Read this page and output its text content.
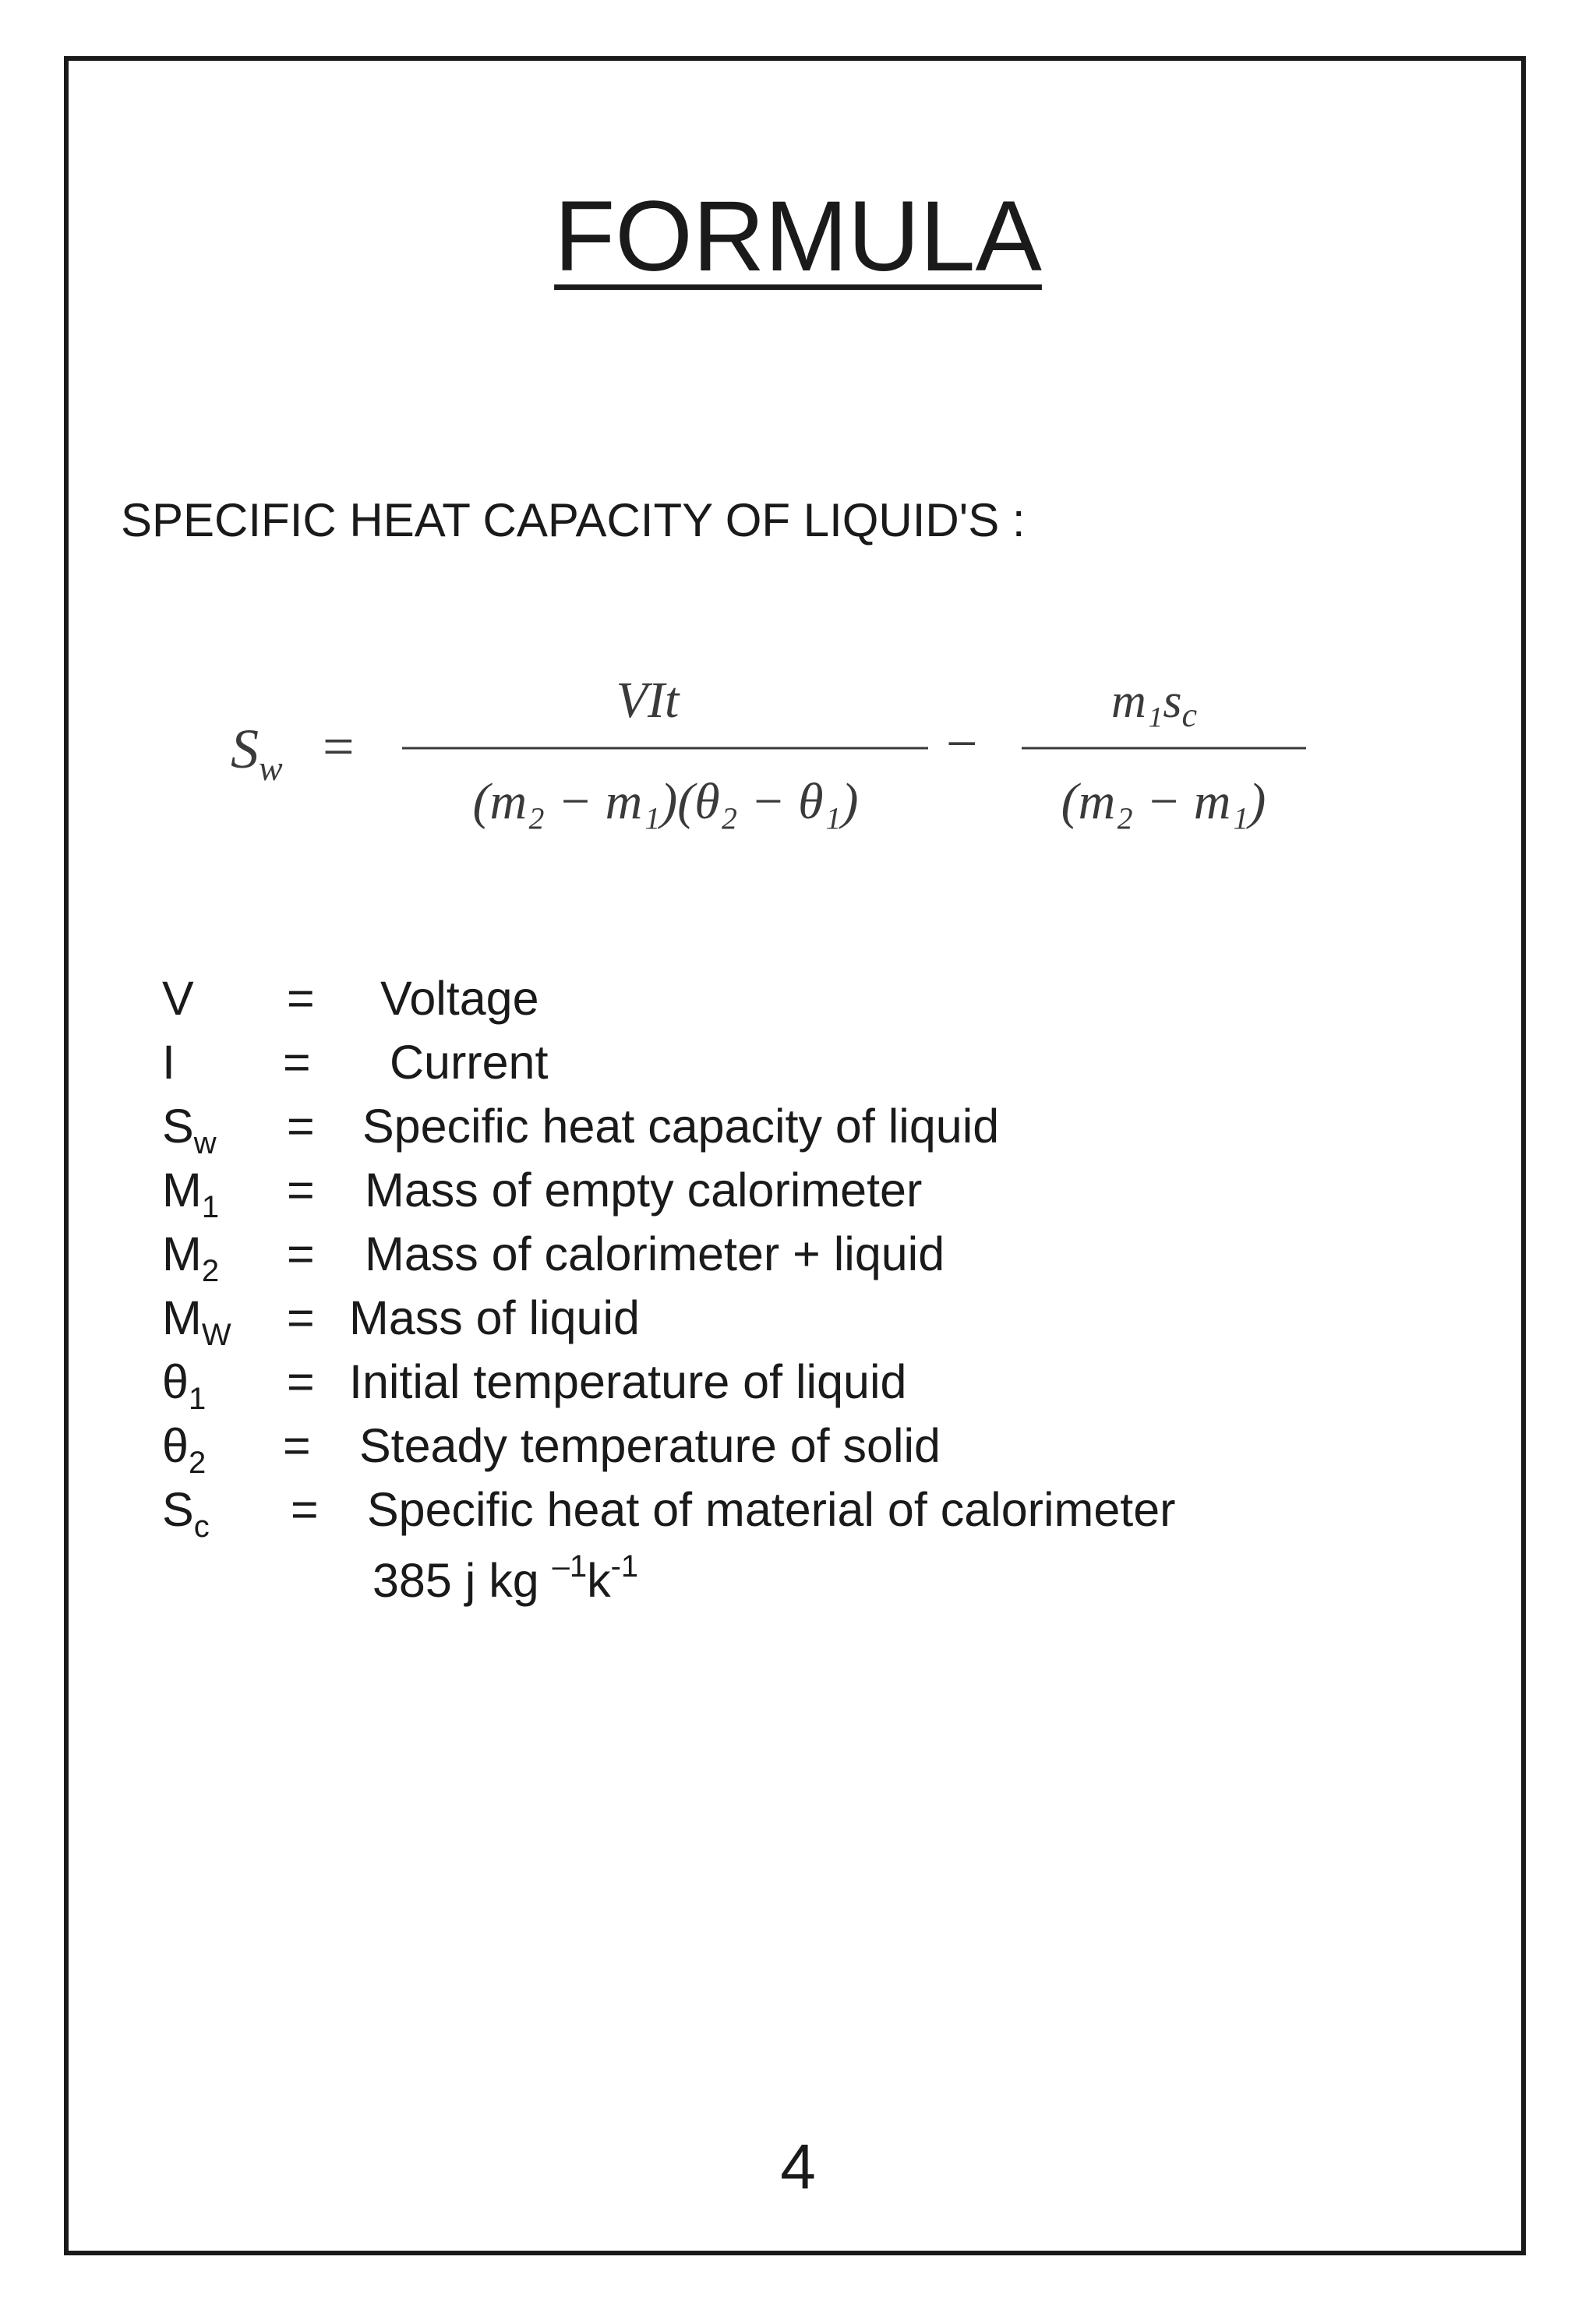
FORMULA
SPECIFIC HEAT CAPACITY OF LIQUID'S :
$S_w$ =
VIt
(m₂ − m₁)(θ₂ − θ₁)
−
m₁sc
(m₂ − m₁)
V = Voltage
I = Current
$S_w$ = Specific heat capacity of liquid
$M_1$ = Mass of empty calorimeter
$M_2$ = Mass of calorimeter + liquid
$M_W$ = Mass of liquid
$\theta_1$ = Initial temperature of liquid
$\theta_2$ = Steady temperature of solid
$S_c$ = Specific heat of material of calorimeter
385 j kg $^{-1}k^{-1}$
4
